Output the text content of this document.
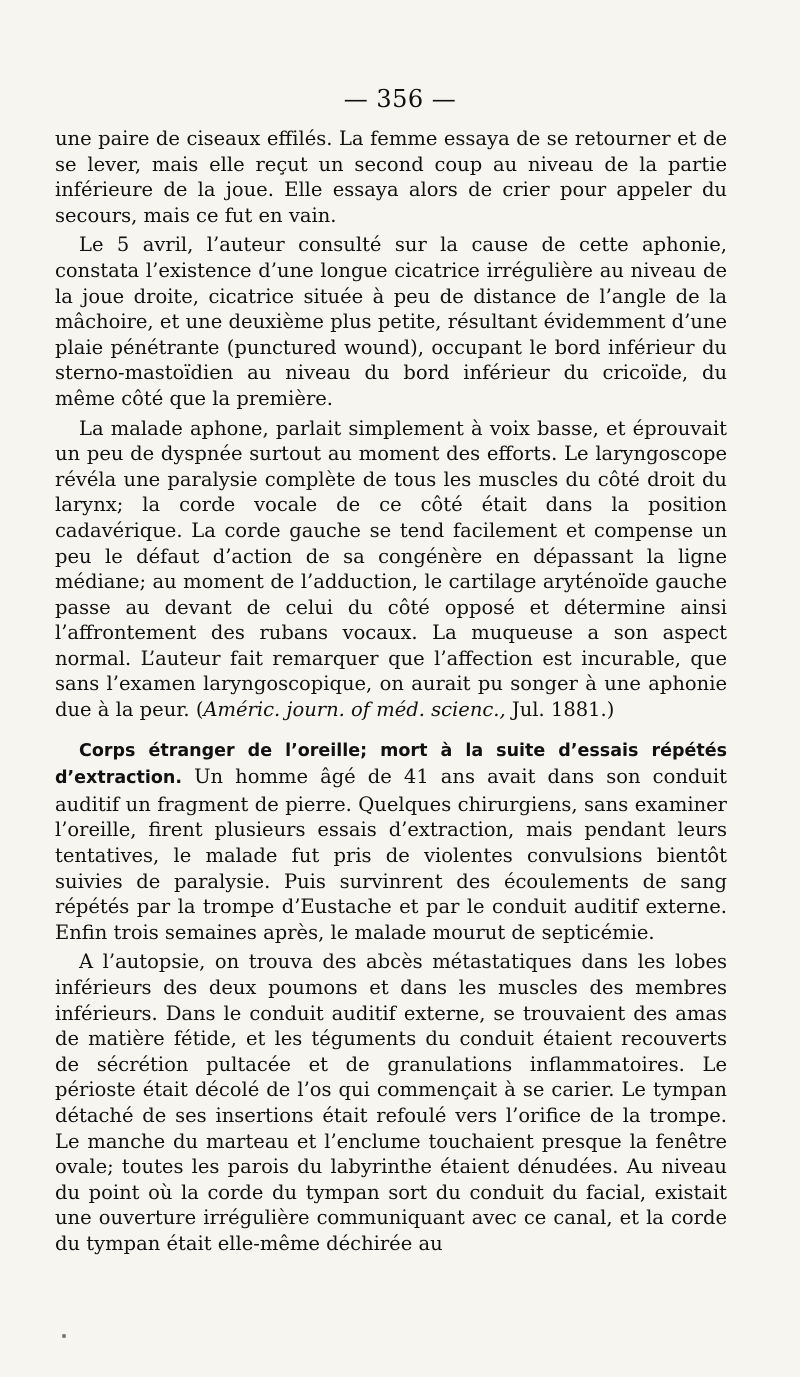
— 356 —

une paire de ciseaux effilés. La femme essaya de se retourner et de se lever, mais elle reçut un second coup au niveau de la partie inférieure de la joue. Elle essaya alors de crier pour appeler du secours, mais ce fut en vain.

Le 5 avril, l’auteur consulté sur la cause de cette aphonie, constata l’existence d’une longue cicatrice irrégulière au niveau de la joue droite, cicatrice située à peu de distance de l’angle de la mâchoire, et une deuxième plus petite, résultant évidemment d’une plaie pénétrante (punctured wound), occupant le bord inférieur du sterno-mastoïdien au niveau du bord inférieur du cricoïde, du même côté que la première.

La malade aphone, parlait simplement à voix basse, et éprouvait un peu de dyspnée surtout au moment des efforts. Le laryngoscope révéla une paralysie complète de tous les muscles du côté droit du larynx; la corde vocale de ce côté était dans la position cadavérique. La corde gauche se tend facilement et compense un peu le défaut d’action de sa congénère en dépassant la ligne médiane; au moment de l’adduction, le cartilage aryténoïde gauche passe au devant de celui du côté opposé et détermine ainsi l’affrontement des rubans vocaux. La muqueuse a son aspect normal. L’auteur fait remarquer que l’affection est incurable, que sans l’examen laryngoscopique, on aurait pu songer à une aphonie due à la peur. (Améric. journ. of méd. scienc., Jul. 1881.)

Corps étranger de l’oreille; mort à la suite d’essais répétés d’extraction. Un homme âgé de 41 ans avait dans son conduit auditif un fragment de pierre. Quelques chirurgiens, sans examiner l’oreille, firent plusieurs essais d’extraction, mais pendant leurs tentatives, le malade fut pris de violentes convulsions bientôt suivies de paralysie. Puis survinrent des écoulements de sang répétés par la trompe d’Eustache et par le conduit auditif externe. Enfin trois semaines après, le malade mourut de septicémie.

A l’autopsie, on trouva des abcès métastatiques dans les lobes inférieurs des deux poumons et dans les muscles des membres inférieurs. Dans le conduit auditif externe, se trouvaient des amas de matière fétide, et les téguments du conduit étaient recouverts de sécrétion pultacée et de granulations inflammatoires. Le périoste était décolé de l’os qui commençait à se carier. Le tympan détaché de ses insertions était refoulé vers l’orifice de la trompe. Le manche du marteau et l’enclume touchaient presque la fenêtre ovale; toutes les parois du labyrinthe étaient dénudées. Au niveau du point où la corde du tympan sort du conduit du facial, existait une ouverture irrégulière communiquant avec ce canal, et la corde du tympan était elle-même déchirée au
